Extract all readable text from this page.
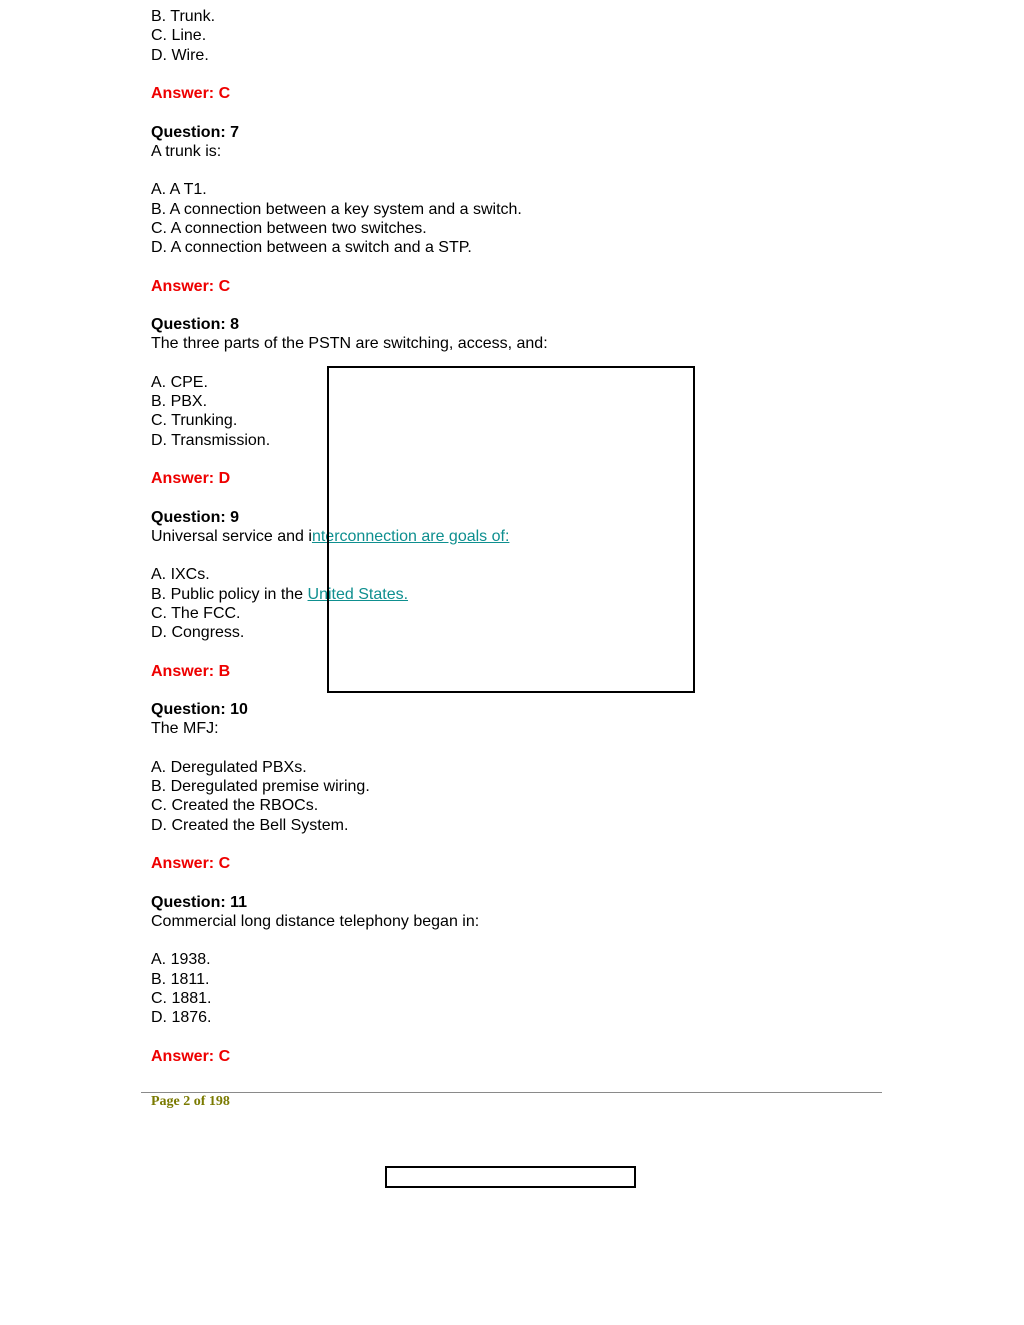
B. Trunk.
C. Line.
D. Wire.
Answer: C
Question: 7
A trunk is:
A. A T1.
B. A connection between a key system and a switch.
C. A connection between two switches.
D. A connection between a switch and a STP.
Answer: C
Question: 8
The three parts of the PSTN are switching, access, and:
A. CPE.
B. PBX.
C. Trunking.
D. Transmission.
Answer: D
Question: 9
Universal service and interconnection are goals of:
A. IXCs.
B. Public policy in the United States.
C. The FCC.
D. Congress.
Answer: B
Question: 10
The MFJ:
A. Deregulated PBXs.
B. Deregulated premise wiring.
C. Created the RBOCs.
D. Created the Bell System.
Answer: C
Question: 11
Commercial long distance telephony began in:
A. 1938.
B. 1811.
C. 1881.
D. 1876.
Answer: C
Page 2 of 198
